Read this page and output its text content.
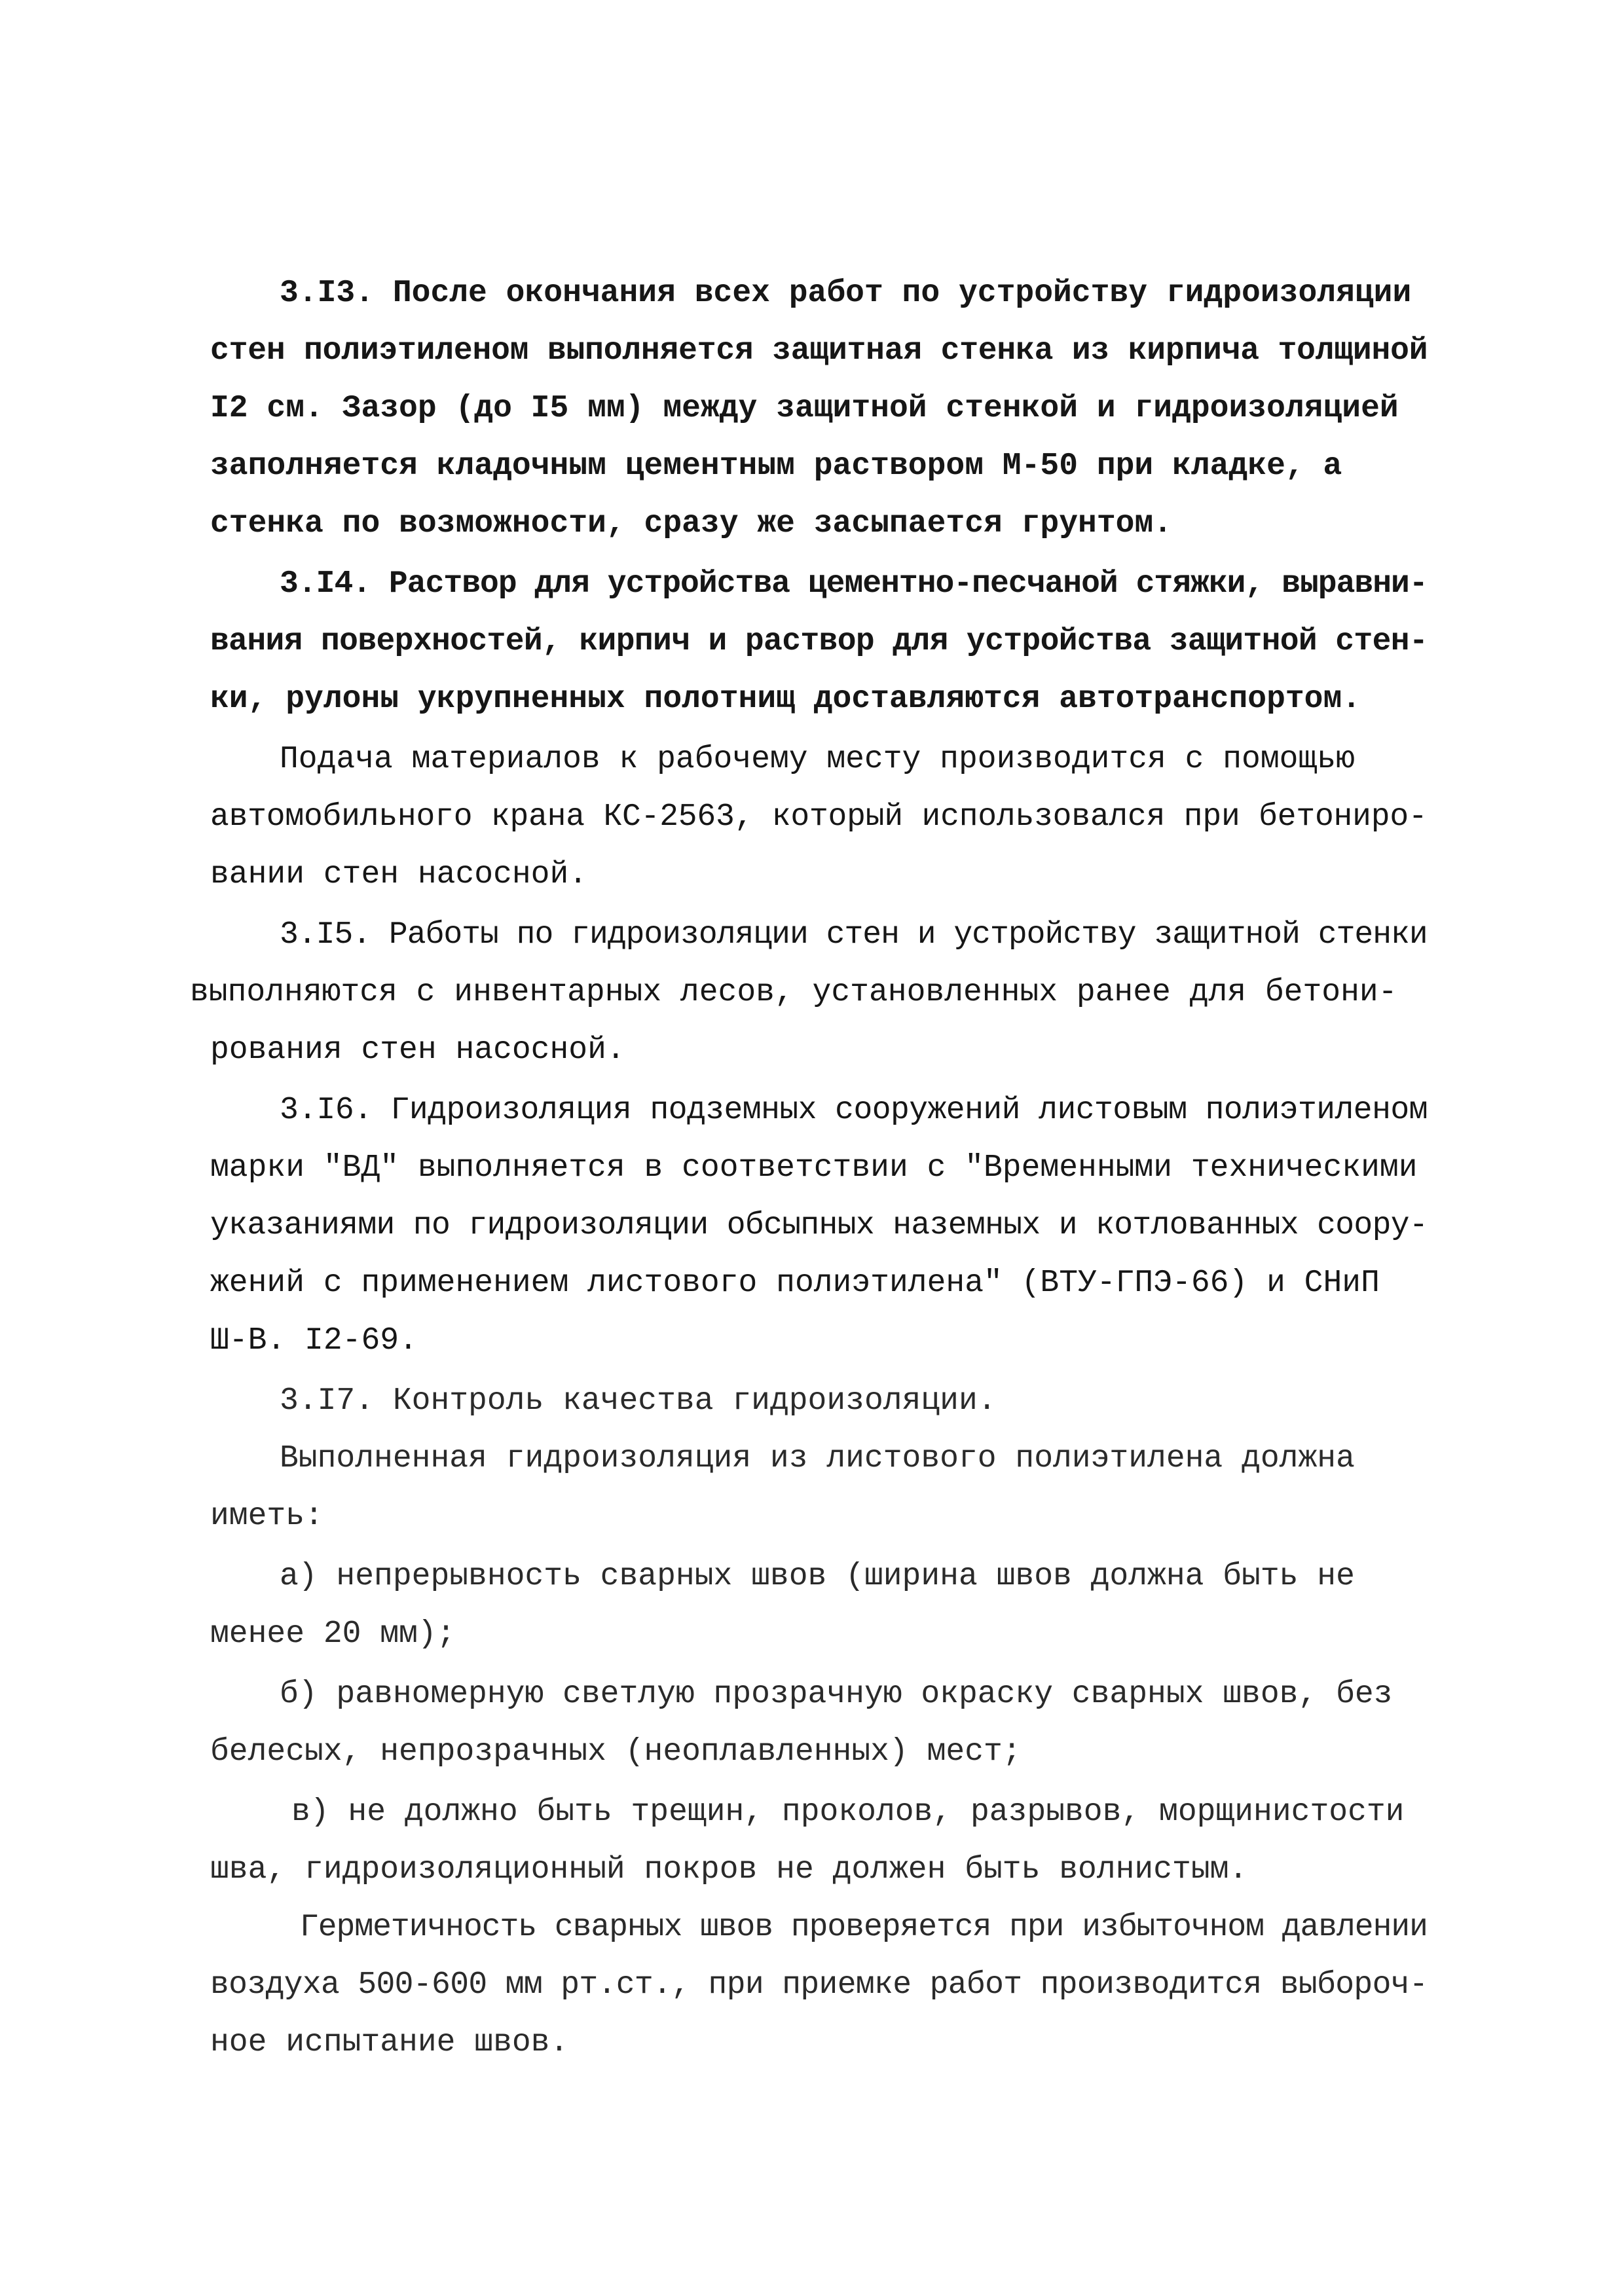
3.I3. После окончания всех работ по устройству гидроизоляции
стен полиэтиленом выполняется защитная стенка из кирпича толщиной
I2 см. Зазор (до I5 мм) между защитной стенкой и гидроизоляцией
заполняется кладочным цементным раствором М-50 при кладке, а
стенка по возможности, сразу же засыпается грунтом.
3.I4. Раствор для устройства цементно-песчаной стяжки, выравни-
вания поверхностей, кирпич и раствор для устройства защитной стен-
ки, рулоны укрупненных полотнищ доставляются автотранспортом.
Подача материалов к рабочему месту производится с помощью
автомобильного крана КС-2563, который использовался при бетониро-
вании стен насосной.
3.I5. Работы по гидроизоляции стен и устройству защитной стенки
выполняются с инвентарных лесов, установленных ранее для бетони-
рования стен насосной.
3.I6. Гидроизоляция подземных сооружений листовым полиэтиленом
марки "ВД" выполняется в соответствии с "Временными техническими
указаниями по гидроизоляции обсыпных наземных и котлованных соору-
жений с применением листового полиэтилена" (ВТУ-ГПЭ-66) и СНиП
Ш-В. I2-69.
3.I7. Контроль качества гидроизоляции.
Выполненная гидроизоляция из листового полиэтилена должна
иметь:
а) непрерывность сварных швов (ширина швов должна быть не
менее 20 мм);
б) равномерную светлую прозрачную окраску сварных швов, без
белесых, непрозрачных (неоплавленных) мест;
в) не должно быть трещин, проколов, разрывов, морщинистости
шва, гидроизоляционный покров не должен быть волнистым.
Герметичность сварных швов проверяется при избыточном давлении
воздуха 500-600 мм рт.ст., при приемке работ производится выбороч-
ное испытание швов.
